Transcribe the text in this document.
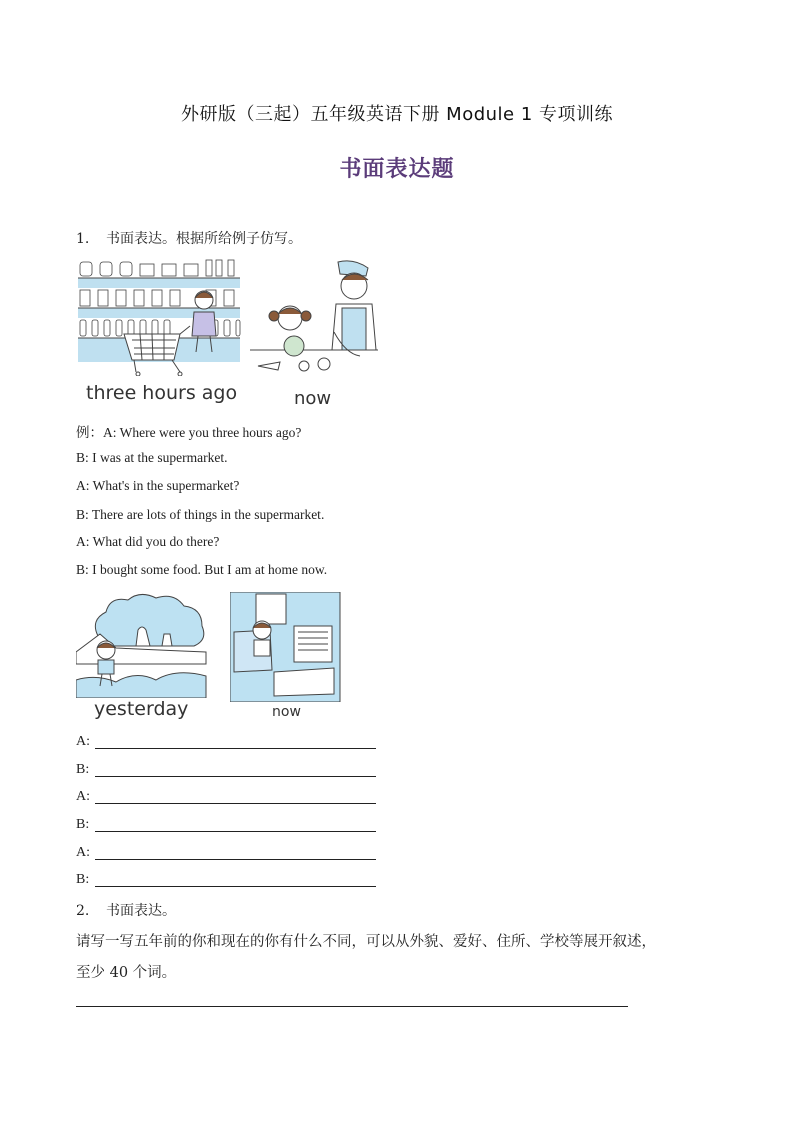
外研版（三起）五年级英语下册 Module 1 专项训练
书面表达题
1. 书面表达。根据所给例子仿写。
three hours ago	now
例：A: Where were you three hours ago?
B: I was at the supermarket.
A: What's in the supermarket?
B: There are lots of things in the supermarket.
A: What did you do there?
B: I bought some food. But I am at home now.
yesterday	now
A:
B:
A:
B:
A:
B:
2. 书面表达。
请写一写五年前的你和现在的你有什么不同，可以从外貌、爱好、住所、学校等展开叙述，
至少 40 个词。
